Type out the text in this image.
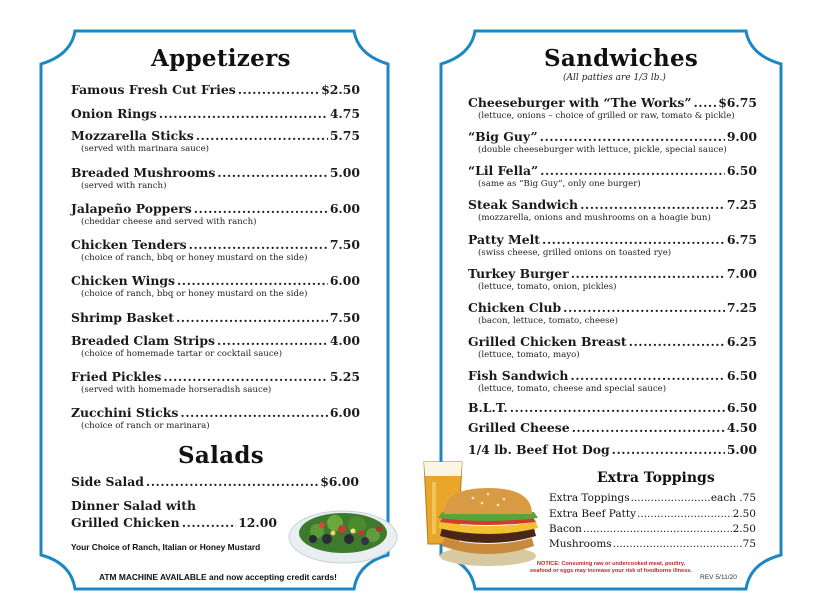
Appetizers
Famous Fresh Cut Fries .....	$2.50
Onion Rings .....	4.75
Mozzarella Sticks .....	5.75
(served with marinara sauce)
Breaded Mushrooms .....	5.00
(served with ranch)
Jalapeño Poppers .....	6.00
(cheddar cheese and served with ranch)
Chicken Tenders .....	7.50
(choice of ranch, bbq or honey mustard on the side)
Chicken Wings .....	6.00
(choice of ranch, bbq or honey mustard on the side)
Shrimp Basket .....	7.50
Breaded Clam Strips .....	4.00
(choice of homemade tartar or cocktail sauce)
Fried Pickles .....	5.25
(served with homemade horseradish sauce)
Zucchini Sticks .....	6.00
(choice of ranch or marinara)
Salads
Side Salad .....	$6.00
Dinner Salad with
Grilled Chicken .....	12.00
Your Choice of Ranch, Italian or Honey Mustard
ATM MACHINE AVAILABLE and now accepting credit cards!
Sandwiches
(All patties are 1/3 lb.)
Cheeseburger with “The Works” ..... $6.75
(lettuce, onions – choice of grilled or raw, tomato & pickle)
“Big Guy” .....	9.00
(double cheeseburger with lettuce, pickle, special sauce)
“Lil Fella” .....	6.50
(same as “Big Guy”, only one burger)
Steak Sandwich .....	7.25
(mozzarella, onions and mushrooms on a hoagie bun)
Patty Melt .....	6.75
(swiss cheese, grilled onions on toasted rye)
Turkey Burger .....	7.00
(lettuce, tomato, onion, pickles)
Chicken Club .....	7.25
(bacon, lettuce, tomato, cheese)
Grilled Chicken Breast .....	6.25
(lettuce, tomato, mayo)
Fish Sandwich .....	6.50
(lettuce, tomato, cheese and special sauce)
B.L.T. .....	6.50
Grilled Cheese .....	4.50
1/4 lb. Beef Hot Dog .....	5.00
Extra Toppings
Extra Toppings .....	each .75
Extra Beef Patty .....	2.50
Bacon .....	2.50
Mushrooms .....	.75
NOTICE: Consuming raw or undercooked meat, poultry, seafood or eggs may increase your risk of foodborne illness.
REV 5/11/20
